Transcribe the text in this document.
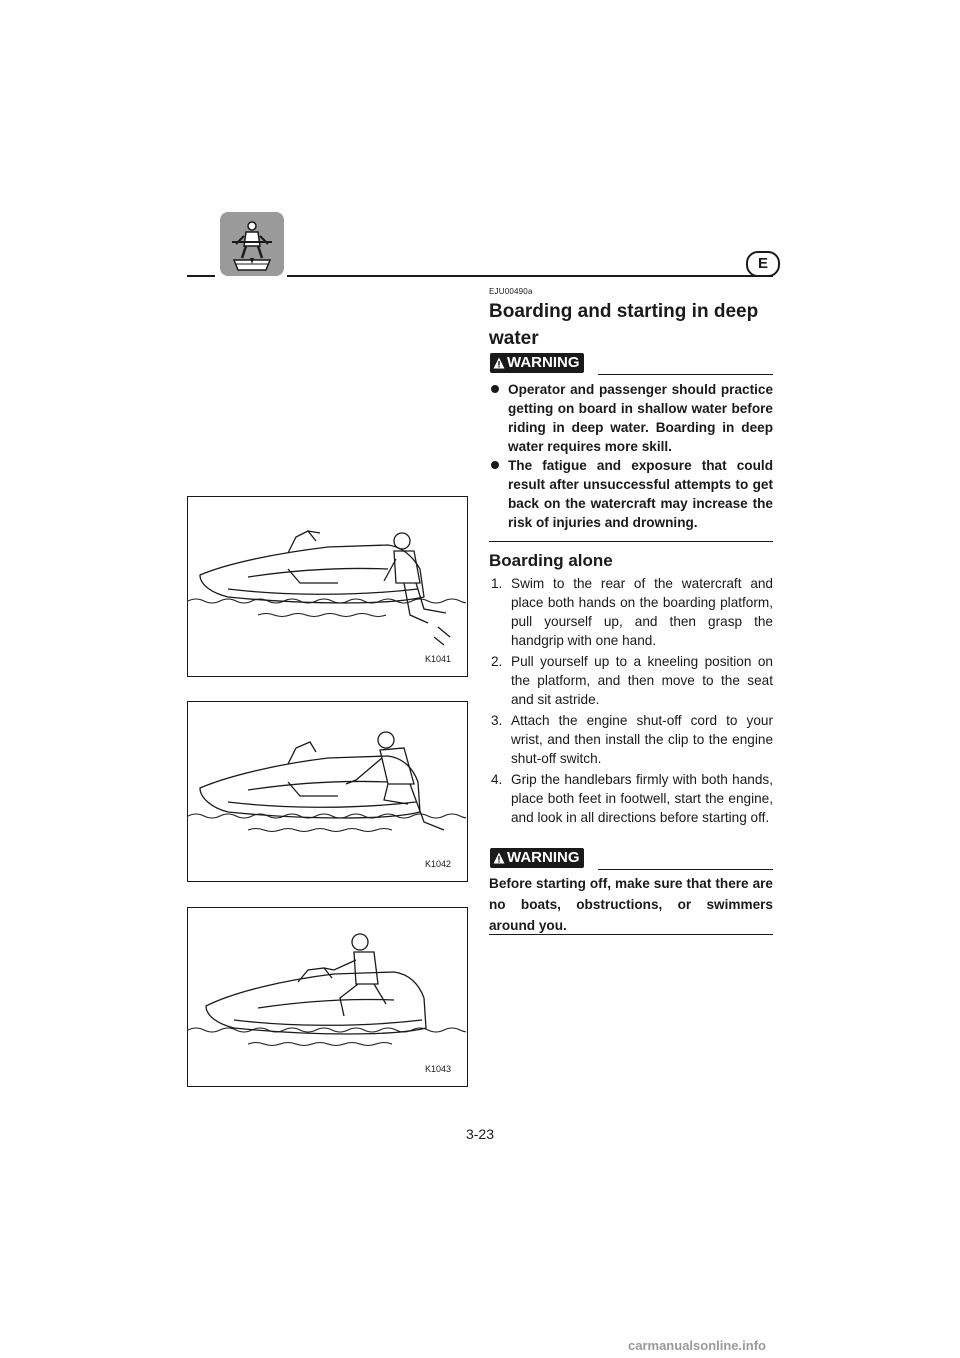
E
EJU00490a
Boarding and starting in deep water
WARNING
Operator and passenger should practice getting on board in shallow water before riding in deep water. Boarding in deep water requires more skill.
The fatigue and exposure that could result after unsuccessful attempts to get back on the watercraft may increase the risk of injuries and drowning.
Boarding alone
1. Swim to the rear of the watercraft and place both hands on the boarding platform, pull yourself up, and then grasp the handgrip with one hand.
2. Pull yourself up to a kneeling position on the platform, and then move to the seat and sit astride.
3. Attach the engine shut-off cord to your wrist, and then install the clip to the engine shut-off switch.
4. Grip the handlebars firmly with both hands, place both feet in footwell, start the engine, and look in all directions before starting off.
WARNING

Before starting off, make sure that there are no boats, obstructions, or swimmers around you.

K1041
K1042
K1043
3-23
carmanualsonline.info
